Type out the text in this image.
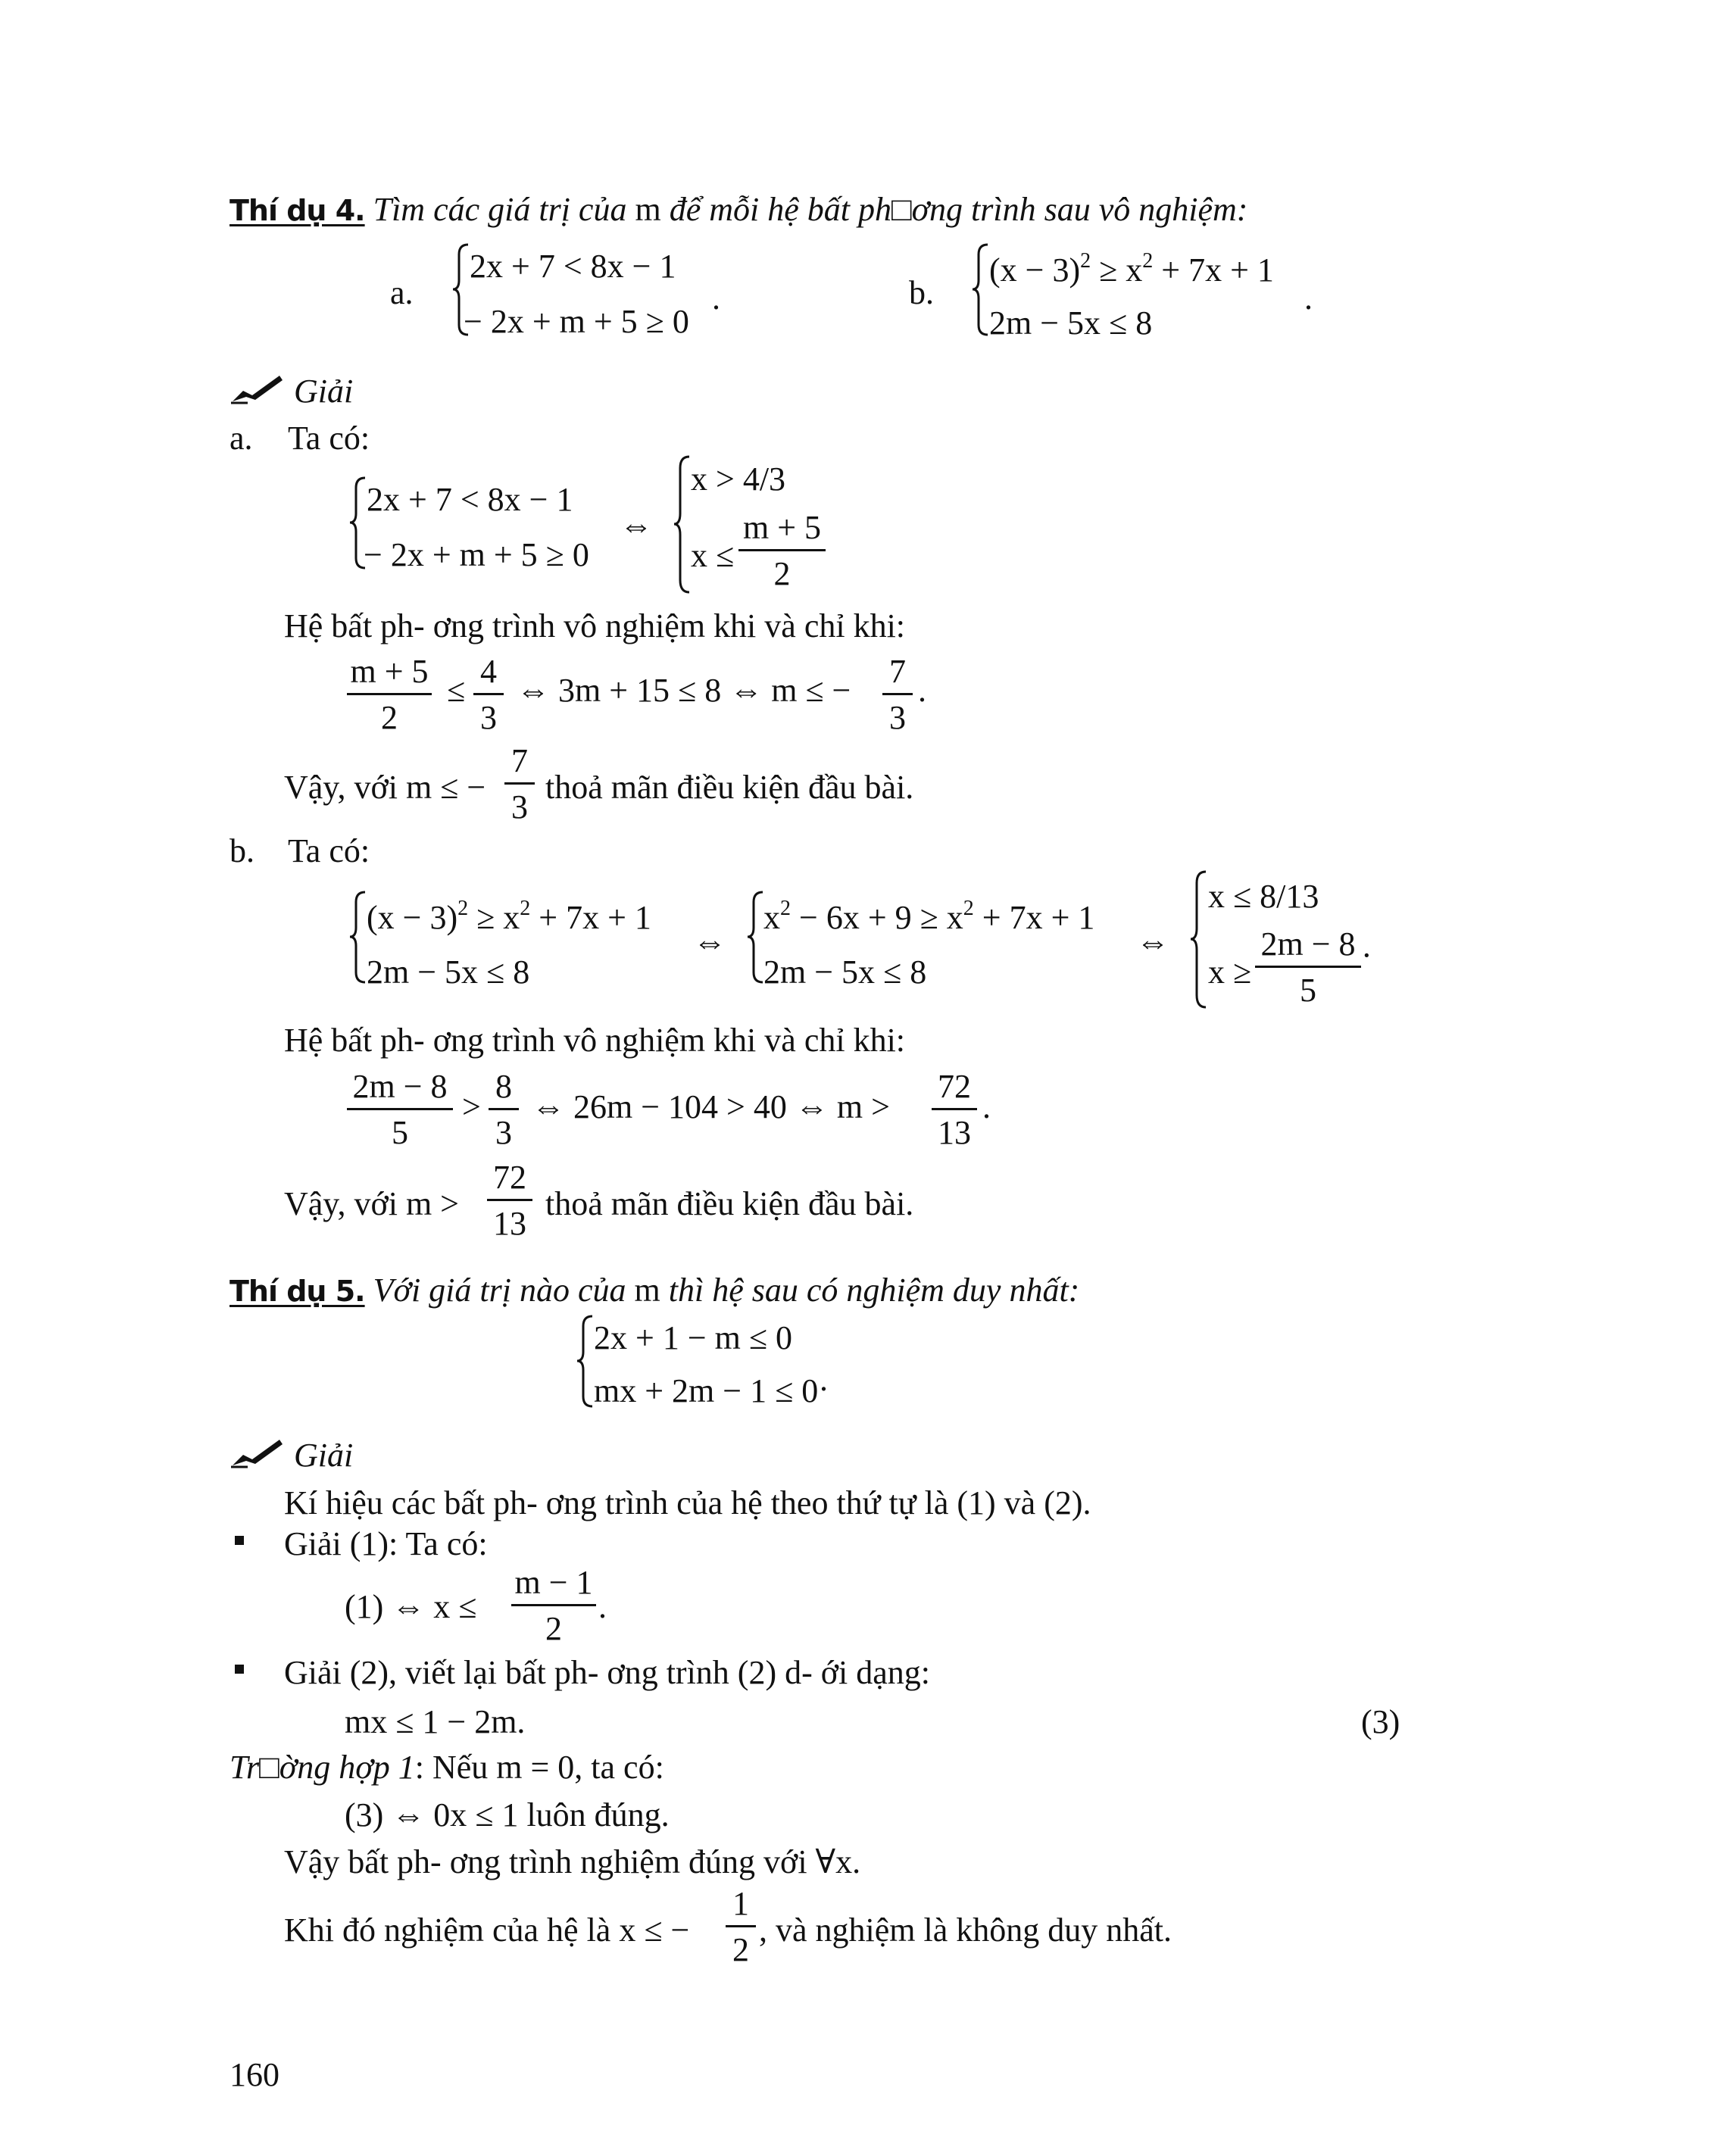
Thí dụ 4. Tìm các giá trị của m để mỗi hệ bất ph□ơng trình sau vô nghiệm:
a.
2x + 7 < 8x − 1
− 2x + m + 5 ≥ 0
.	b.
$(x - 3)^2 \ge x^2 + 7x + 1$
2m − 5x ≤ 8
.
Giải
a. Ta có:
2x + 7 < 8x − 1
− 2x + m + 5 ≥ 0
⇔
x > 4/3
$x \le \frac{m + 5}{2}$
Hệ bất ph- ơng trình vô nghiệm khi và chỉ khi:
$\frac{m + 5}{2} \le \frac{4}{3}$ ⇔ 3m + 15 ≤ 8 ⇔ m ≤ − $\frac{7}{3}$ .
Vậy, với m ≤ − $\frac{7}{3}$ thoả mãn điều kiện đầu bài.
b. Ta có:
$(x - 3)^2 \ge x^2 + 7x + 1$
2m − 5x ≤ 8
⇔
$x^2 - 6x + 9 \ge x^2 + 7x + 1$
2m − 5x ≤ 8
⇔
x ≤ 8/13
$x \ge \frac{2m - 8}{5}$ ·
Hệ bất ph- ơng trình vô nghiệm khi và chỉ khi:
$\frac{2m - 8}{5} > \frac{8}{3}$ ⇔ 26m − 104 > 40 ⇔ $m > \frac{72}{13}$ .
Vậy, với $m > \frac{72}{13}$ thoả mãn điều kiện đầu bài.
Thí dụ 5. Với giá trị nào của m thì hệ sau có nghiệm duy nhất:
2x + 1 − m ≤ 0
mx + 2m − 1 ≤ 0 .
Giải
Kí hiệu các bất ph- ơng trình của hệ theo thứ tự là (1) và (2).
Giải (1): Ta có:
(1) ⇔ $x \le \frac{m - 1}{2}$ .
Giải (2), viết lại bất ph- ơng trình (2) d- ới dạng:
mx ≤ 1 − 2m.	(3)
Tr□ờng hợp 1: Nếu m = 0, ta có:
(3) ⇔ 0x ≤ 1 luôn đúng.
Vậy bất ph- ơng trình nghiệm đúng với ∀x.
Khi đó nghiệm của hệ là x ≤ − $\frac{1}{2}$ , và nghiệm là không duy nhất.
160
